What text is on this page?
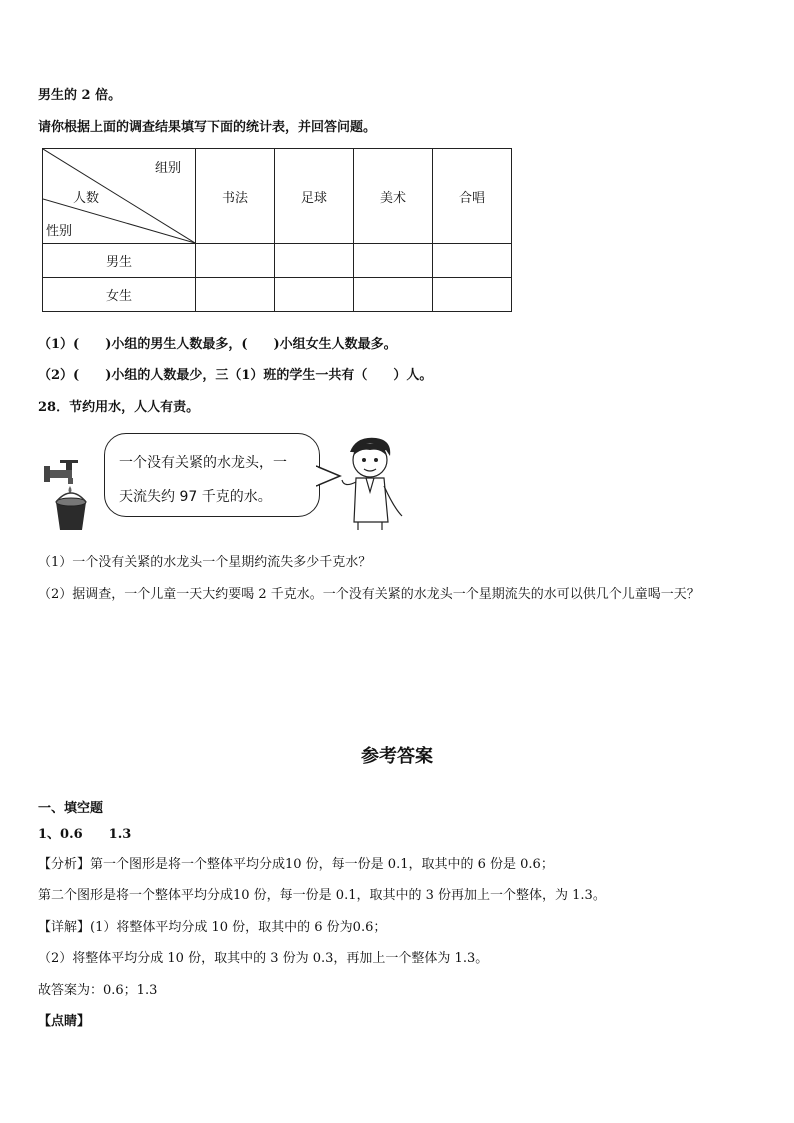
男生的 2 倍。
请你根据上面的调查结果填写下面的统计表，并回答问题。
组别
人数
性别	书法	足球	美术	合唱
男生				
女生				
（1）(　　)小组的男生人数最多，(　　)小组女生人数最多。
（2）(　　)小组的人数最少，三（1）班的学生一共有（　　）人。
28．节约用水，人人有责。
一个没有关紧的水龙头，一
天流失约 97 千克的水。
（1）一个没有关紧的水龙头一个星期约流失多少千克水？
（2）据调查，一个儿童一天大约要喝 2 千克水。一个没有关紧的水龙头一个星期流失的水可以供几个儿童喝一天？
参考答案
一、填空题
1、0.6　　1.3
【分析】第一个图形是将一个整体平均分成10 份，每一份是 0.1，取其中的 6 份是 0.6；
第二个图形是将一个整体平均分成10 份，每一份是 0.1，取其中的 3 份再加上一个整体，为 1.3。
【详解】(1）将整体平均分成 10 份，取其中的 6 份为0.6；
（2）将整体平均分成 10 份，取其中的 3 份为 0.3，再加上一个整体为 1.3。
故答案为：0.6；1.3
【点睛】
